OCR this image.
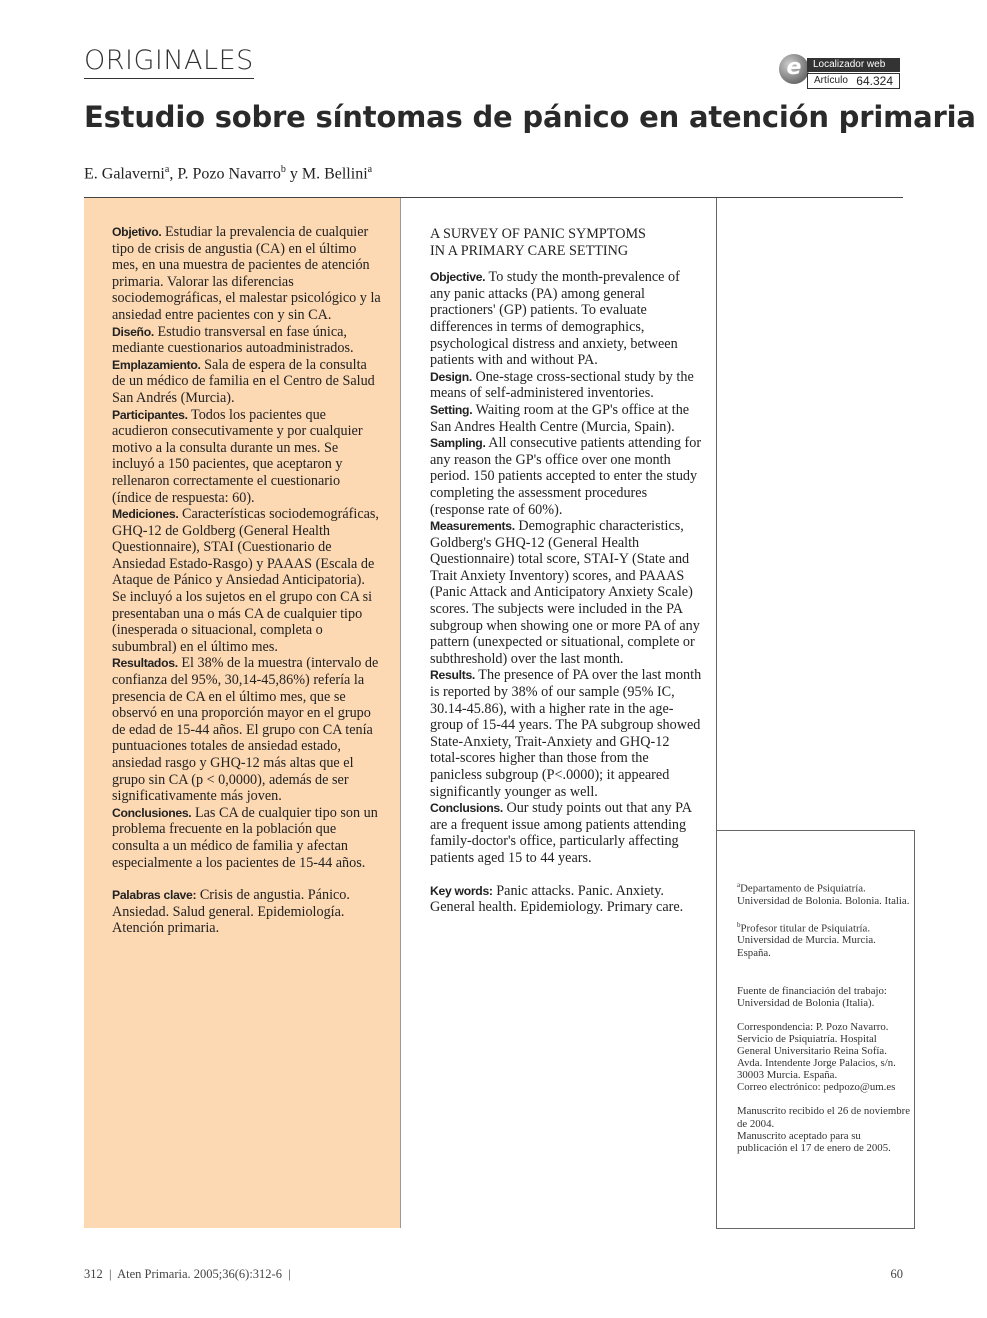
ORIGINALES	e	Localizador web
Artículo 64.324
Estudio sobre síntomas de pánico en atención primaria
E. Galaverni$^a$, P. Pozo Navarro$^b$ y M. Bellini$^a$

Objetivo. Estudiar la prevalencia de cualquier tipo de crisis de angustia (CA) en el último mes, en una muestra de pacientes de atención primaria. Valorar las diferencias sociodemográficas, el malestar psicológico y la ansiedad entre pacientes con y sin CA.

Diseño. Estudio transversal en fase única, mediante cuestionarios autoadministrados.

Emplazamiento. Sala de espera de la consulta de un médico de familia en el Centro de Salud San Andrés (Murcia).

Participantes. Todos los pacientes que acudieron consecutivamente y por cualquier motivo a la consulta durante un mes. Se incluyó a 150 pacientes, que aceptaron y rellenaron correctamente el cuestionario (índice de respuesta: 60).

Mediciones. Características sociodemográficas, GHQ-12 de Goldberg (General Health Questionnaire), STAI (Cuestionario de Ansiedad Estado-Rasgo) y PAAAS (Escala de Ataque de Pánico y Ansiedad Anticipatoria). Se incluyó a los sujetos en el grupo con CA si presentaban una o más CA de cualquier tipo (inesperada o situacional, completa o subumbral) en el último mes.

Resultados. El 38% de la muestra (intervalo de confianza del 95%, 30,14-45,86%) refería la presencia de CA en el último mes, que se observó en una proporción mayor en el grupo de edad de 15-44 años. El grupo con CA tenía puntuaciones totales de ansiedad estado, ansiedad rasgo y GHQ-12 más altas que el grupo sin CA (p < 0,0000), además de ser significativamente más joven.

Conclusiones. Las CA de cualquier tipo son un problema frecuente en la población que consulta a un médico de familia y afectan especialmente a los pacientes de 15-44 años.

Palabras clave: Crisis de angustia. Pánico. Ansiedad. Salud general. Epidemiología. Atención primaria.

A SURVEY OF PANIC SYMPTOMS
IN A PRIMARY CARE SETTING

Objective. To study the month-prevalence of any panic attacks (PA) among general practioners' (GP) patients. To evaluate differences in terms of demographics, psychological distress and anxiety, between patients with and without PA.

Design. One-stage cross-sectional study by the means of self-administered inventories.

Setting. Waiting room at the GP's office at the San Andres Health Centre (Murcia, Spain).

Sampling. All consecutive patients attending for any reason the GP's office over one month period. 150 patients accepted to enter the study completing the assessment procedures (response rate of 60%).

Measurements. Demographic characteristics, Goldberg's GHQ-12 (General Health Questionnaire) total score, STAI-Y (State and Trait Anxiety Inventory) scores, and PAAAS (Panic Attack and Anticipatory Anxiety Scale) scores. The subjects were included in the PA subgroup when showing one or more PA of any pattern (unexpected or situational, complete or subthreshold) over the last month.

Results. The presence of PA over the last month is reported by 38% of our sample (95% IC, 30.14-45.86), with a higher rate in the age-group of 15-44 years. The PA subgroup showed State-Anxiety, Trait-Anxiety and GHQ-12 total-scores higher than those from the panicless subgroup (P<.0000); it appeared significantly younger as well.

Conclusions. Our study points out that any PA are a frequent issue among patients attending family-doctor's office, particularly affecting patients aged 15 to 44 years.

Key words: Panic attacks. Panic. Anxiety. General health. Epidemiology. Primary care.

$^a$Departamento de Psiquiatría. Universidad de Bolonia. Bolonia. Italia.

$^b$Profesor titular de Psiquiatría. Universidad de Murcia. Murcia. España.

Fuente de financiación del trabajo: Universidad de Bolonia (Italia).

Correspondencia: P. Pozo Navarro. Servicio de Psiquiatría. Hospital General Universitario Reina Sofía. Avda. Intendente Jorge Palacios, s/n. 30003 Murcia. España.
Correo electrónico: pedpozo@um.es

Manuscrito recibido el 26 de noviembre de 2004.
Manuscrito aceptado para su publicación el 17 de enero de 2005.

312  |  Aten Primaria. 2005;36(6):312-6  |	60
